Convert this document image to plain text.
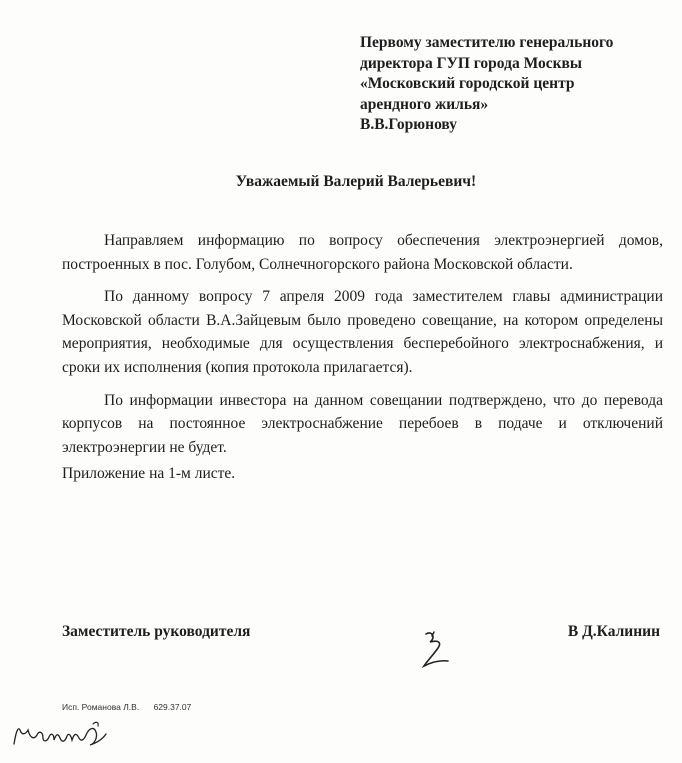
Первому заместителю генерального
директора ГУП города Москвы
«Московский городской центр
арендного жилья»
В.В.Горюнову
Уважаемый Валерий Валерьевич!

Направляем информацию по вопросу обеспечения электроэнергией домов, построенных в пос. Голубом, Солнечногорского района Московской области.

По данному вопросу 7 апреля 2009 года заместителем главы администрации Московской области В.А.Зайцевым было проведено совещание, на котором определены мероприятия, необходимые для осуществления бесперебойного электроснабжения, и сроки их исполнения (копия протокола прилагается).

По информации инвестора на данном совещании подтверждено, что до перевода корпусов на постоянное электроснабжение перебоев в подаче и отключений электроэнергии не будет.

Приложение на 1-м листе.

Заместитель руководителя	В Д.Калинин
Исп. Романова Л.В. 629.37.07
